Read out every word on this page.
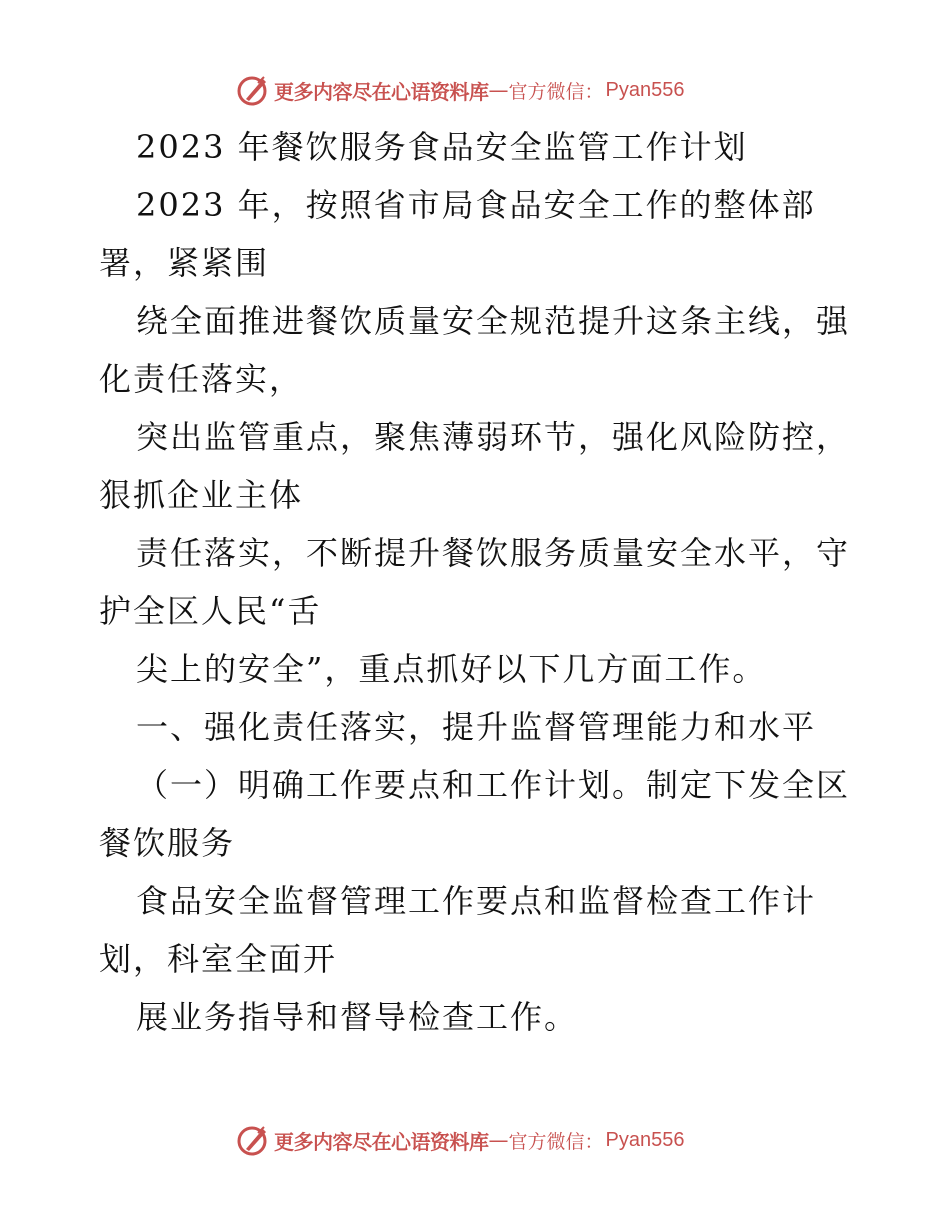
更多内容尽在心语资料库 — 官方微信： Pyan556
2023 年餐饮服务食品安全监管工作计划
2023 年，按照省市局食品安全工作的整体部
署，紧紧围
绕全面推进餐饮质量安全规范提升这条主线，强
化责任落实，
突出监管重点，聚焦薄弱环节，强化风险防控，
狠抓企业主体
责任落实，不断提升餐饮服务质量安全水平，守
护全区人民“舌
尖上的安全”，重点抓好以下几方面工作。
一、强化责任落实，提升监督管理能力和水平
（一）明确工作要点和工作计划。制定下发全区
餐饮服务
食品安全监督管理工作要点和监督检查工作计
划，科室全面开
展业务指导和督导检查工作。
更多内容尽在心语资料库 — 官方微信： Pyan556
